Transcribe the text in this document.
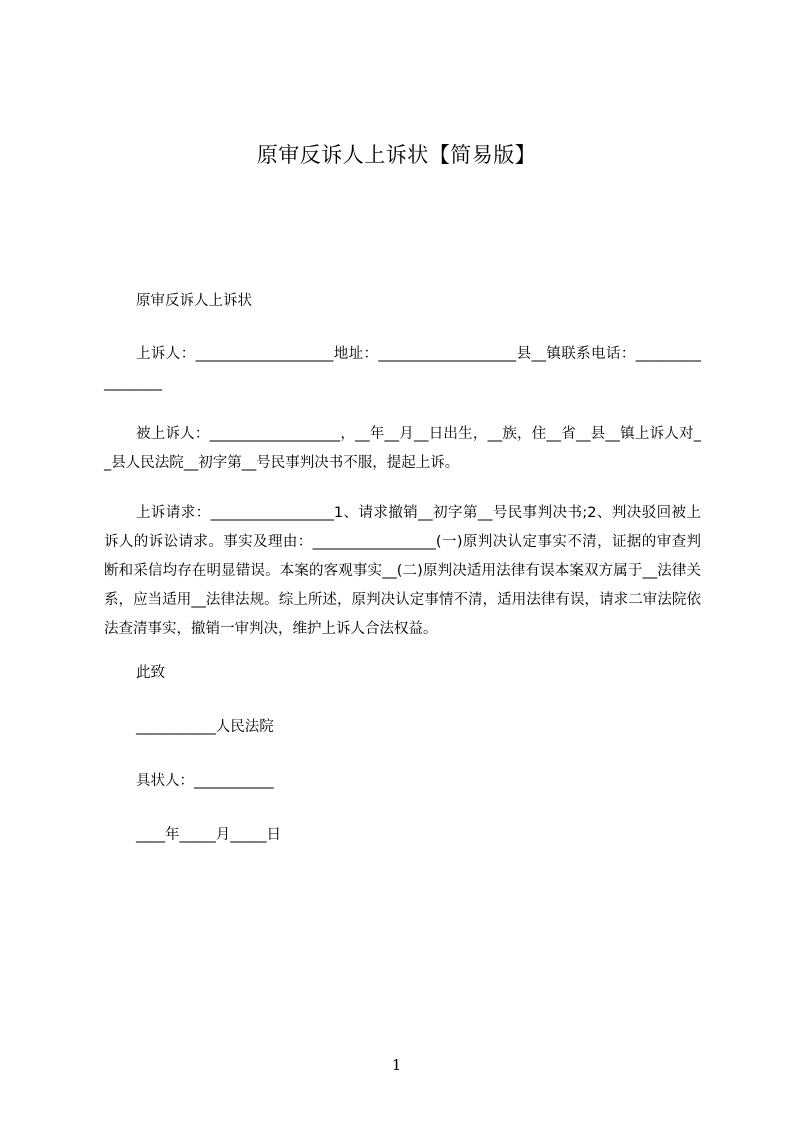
原审反诉人上诉状【简易版】
原审反诉人上诉状
上诉人：___________________地址：___________________县__镇联系电话：_________________
被上诉人：__________________，__年__月__日出生，__族，住__省__县__镇上诉人对__县人民法院__初字第__号民事判决书不服，提起上诉。
上诉请求：_________________1、请求撤销__初字第__号民事判决书;2、判决驳回被上诉人的诉讼请求。事实及理由：_________________(一)原判决认定事实不清，证据的审查判断和采信均存在明显错误。本案的客观事实__(二)原判决适用法律有误本案双方属于__法律关系，应当适用__法律法规。综上所述，原判决认定事情不清，适用法律有误，请求二审法院依法查清事实，撤销一审判决，维护上诉人合法权益。
此致
___________人民法院
具状人：___________
____年_____月_____日
1
